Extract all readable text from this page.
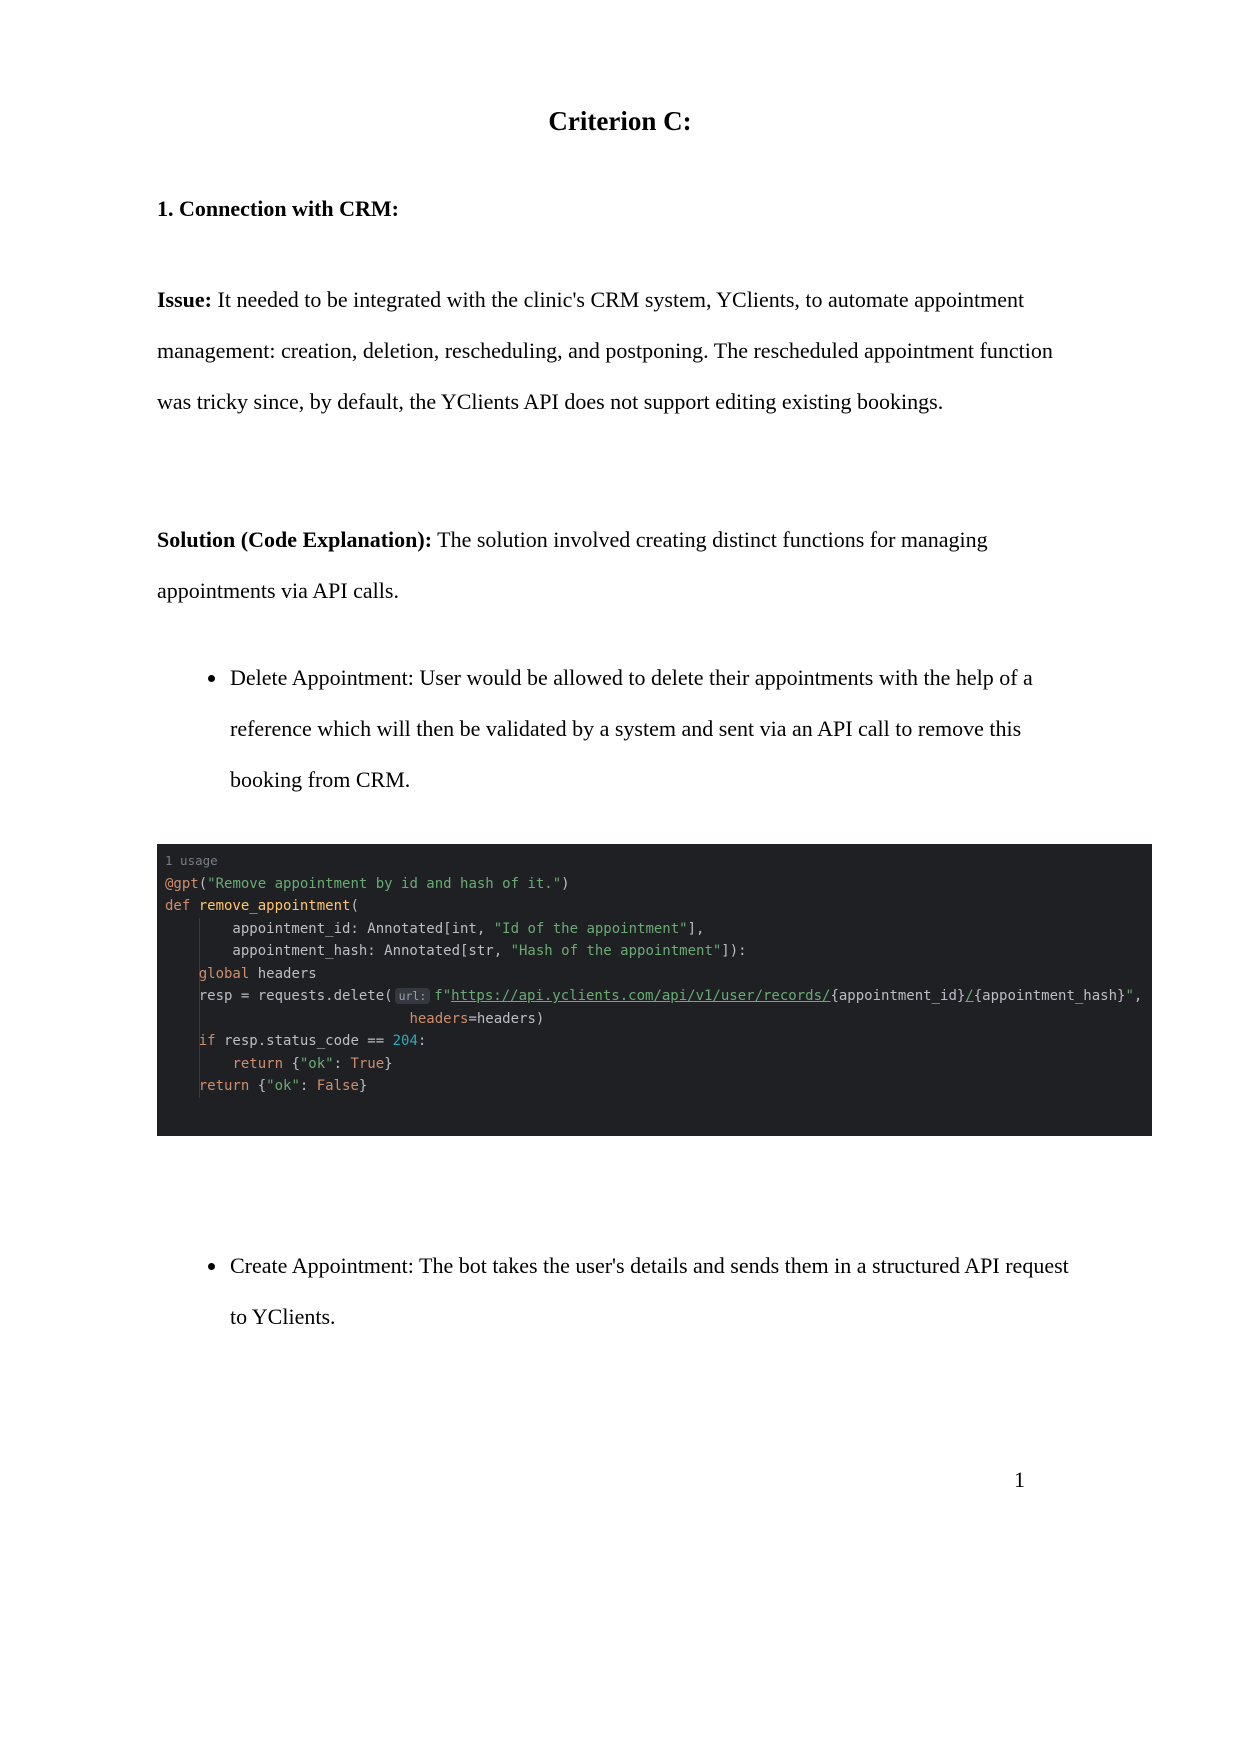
Criterion C:
1. Connection with CRM:

Issue: It needed to be integrated with the clinic's CRM system, YClients, to automate appointment management: creation, deletion, rescheduling, and postponing. The rescheduled appointment function was tricky since, by default, the YClients API does not support editing existing bookings.

Solution (Code Explanation): The solution involved creating distinct functions for managing appointments via API calls.

• Delete Appointment: User would be allowed to delete their appointments with the help of a reference which will then be validated by a system and sent via an API call to remove this booking from CRM.
1 usage
@gpt("Remove appointment by id and hash of it.")
def remove_appointment(
appointment_id: Annotated[int, "Id of the appointment"],
appointment_hash: Annotated[str, "Hash of the appointment"]):
global headers
resp = requests.delete( url: f"https://api.yclients.com/api/v1/user/records/{appointment_id}/{appointment_hash}",
headers=headers)
if resp.status_code == 204:
return {"ok": True}
return {"ok": False}
• Create Appointment: The bot takes the user's details and sends them in a structured API request to YClients.
1
